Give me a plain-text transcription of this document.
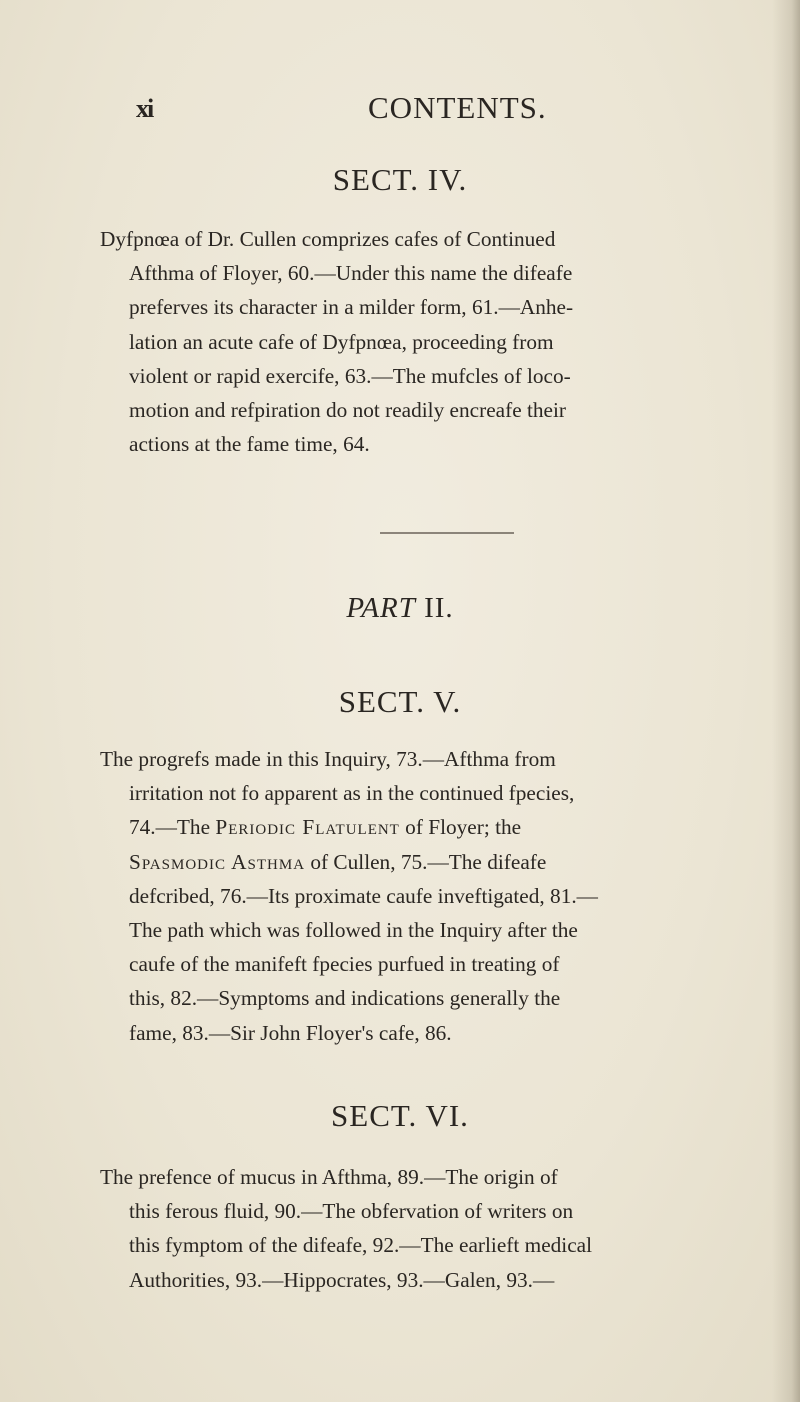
xi	CONTENTS.
SECT. IV.
Dyfpnœa of Dr. Cullen comprizes cafes of Continued
Afthma of Floyer, 60.—Under this name the difeafe
preferves its character in a milder form, 61.—Anhe-
lation an acute cafe of Dyfpnœa, proceeding from
violent or rapid exercife, 63.—The mufcles of loco-
motion and refpiration do not readily encreafe their
actions at the fame time, 64.
PART II.
SECT. V.
The progrefs made in this Inquiry, 73.—Afthma from
irritation not fo apparent as in the continued fpecies,
74.—The Periodic Flatulent of Floyer; the
Spasmodic Asthma of Cullen, 75.—The difeafe
defcribed, 76.—Its proximate caufe inveftigated, 81.—
The path which was followed in the Inquiry after the
caufe of the manifeft fpecies purfued in treating of
this, 82.—Symptoms and indications generally the
fame, 83.—Sir John Floyer's cafe, 86.
SECT. VI.
The prefence of mucus in Afthma, 89.—The origin of
this ferous fluid, 90.—The obfervation of writers on
this fymptom of the difeafe, 92.—The earlieft medical
Authorities, 93.—Hippocrates, 93.—Galen, 93.—
